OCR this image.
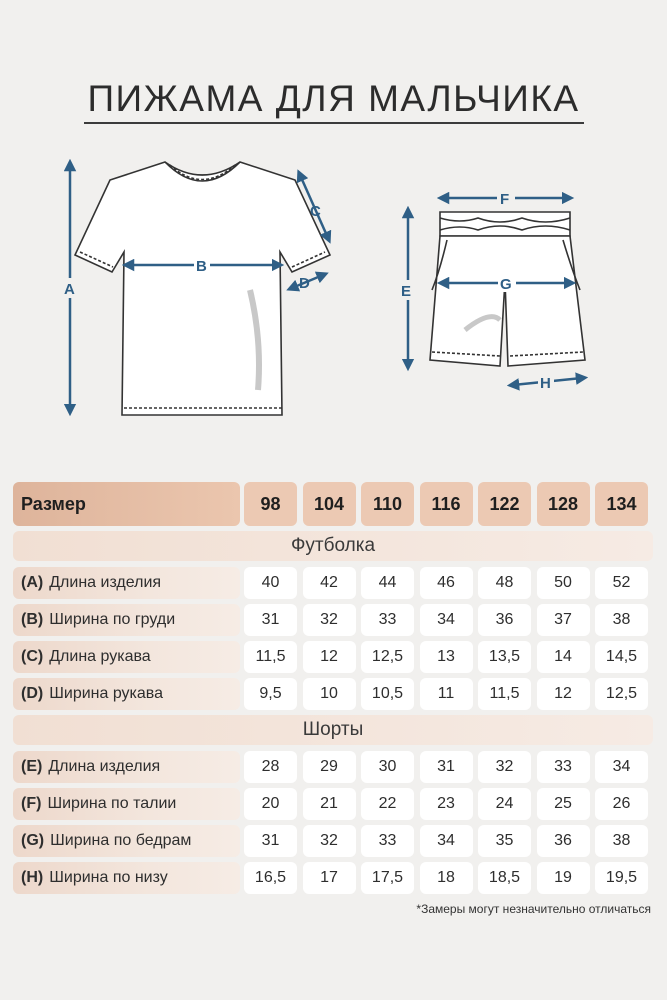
ПИЖАМА ДЛЯ МАЛЬЧИКА
A
B
C
D
F
E	G
H
Размер	98	104	110	116	122	128	134
Футболка
(A) Длина изделия	40	42	44	46	48	50	52
(B) Ширина по груди	31	32	33	34	36	37	38
(C) Длина рукава	11,5	12	12,5	13	13,5	14	14,5
(D) Ширина рукава	9,5	10	10,5	11	11,5	12	12,5
Шорты
(E) Длина изделия	28	29	30	31	32	33	34
(F) Ширина по талии	20	21	22	23	24	25	26
(G) Ширина по бедрам	31	32	33	34	35	36	38
(H) Ширина по низу	16,5	17	17,5	18	18,5	19	19,5
*Замеры могут незначительно отличаться
